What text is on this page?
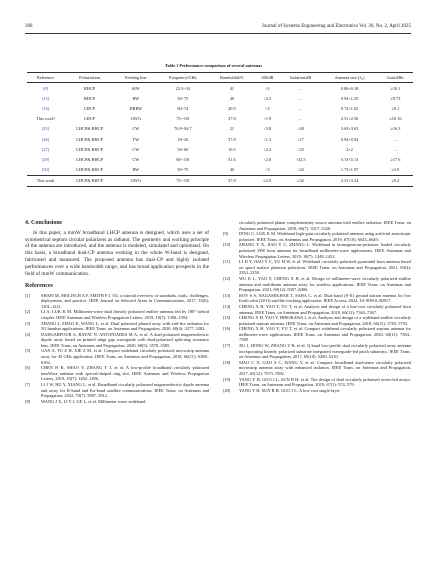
368	Journal of Systems Engineering and Electronics Vol. 36, No. 2, April 2025
Table 1 Performance comparison of several antennas
Reference	Polarization	Feeding line	Frequency/GHz	Bandwidth/%	AR/dB	Isolation/dB	Antenna size (λ₀)	Gain/dBic
[8]	RHCP	SIW	22.5~34	41	<3	–	0.86×0.18	≥10.1
[15]	RHCP	RW	50~75	40	<2.5	–	0.94×1.25	≥9.73
[16]	LHCP	DRRW	60~74	20.9	<3	–	0.74×1.02	≥9.1
This work¹	LHCP	GWG	75~110	37.8	<1.9	–	2.31×2.56	≥10.16
[25]	LHCP& RHCP	CW	76.8~94.7	21	<3.8	>20	3.63×3.63	≥16.3
[26]	LHCP& RHCP	TW	18~26	37.8	<1.3	>17	0.94×0.94	–
[27]	LHCP& RHCP	CW	54~60	10.5	<2.2	>25	2×2	–
[29]	LHCP& RHCP	CW	80~110	31.6	<2.8	>32.5	5.13×5.13	≥17.6
[30]	LHCP& RHCP	RW	50~75	40	<3	>22	1.75×1.97	≥3.9
This work	LHCP& RHCP	GWG	75~110	37.8	≤2.9	≥32	2.31×3.34	≥9.2
4. Conclusions

In this paper, a mmW broadband LHCP antenna is designed, which uses a set of symmetrical septum circular polarizers as radiator. The geometry and working principle of the antenna are introduced, and the antenna is modeled, simulated and optimized. On this basis, a broadband dual-CP antenna working in the whole W-band is designed, fabricated and measured. The proposed antenna has dual-CP and highly isolated performances over a wide bandwidth range, and has broad application prospects in the field of mmW communication.

References
[1]	SHAFI M, MOLISCH A F, SMITH P J. 5G: a tutorial overview of standards, trials, challenges, deployment, and practice. IEEE Journal on Selected Areas in Communications, 2017, 35(6): 1201–1221.
[2]	LI A, LUK K M. Millimeter-wave dual linearly polarized endfire antenna fed by 180° hybrid coupler. IEEE Antennas and Wireless Propagation Letters, 2019, 18(7): 1390–1394.
[3]	ZHANG J, ZHAO K, WANG L, et al. Dual polarized phased array with end-fire radiation for 5G handset applications. IEEE Trans. on Antennas and Propagation, 2020, 68(4): 3277–3282.
[4]	DADGARPOUR A, BAYAT N, ANTONIADES M A, et al. A dual-polarized magnetoelectric dipole array based on printed ridge gap waveguide with dual-polarized split-ring resonator lens. IEEE Trans. on Antennas and Propagation, 2020, 68(5): 3578–3585.
[5]	GAN Z, TU Z H, XIE Z M, et al. Compact wideband circularly polarized microstrip antenna array for 45 GHz application. IEEE Trans. on Antennas and Propagation, 2018, 66(11): 6388–6392.
[6]	CHEN H K, SHAO Y, ZHANG Y J, et al. A low-profile broadband circularly polarized mmWave antenna with special-shaped ring slot. IEEE Antennas and Wireless Propagation Letters, 2019, 18(7): 1492–1496.
[7]	LI J W, HU Y, XIANG L, et al. Broadband circularly polarized magnetoelectric dipole antenna and array for K-band and Ka-band satellite communications. IEEE Trans. on Antennas and Propagation, 2022, 70(7): 5907–5912.
[8]	WANG J X, LI Y J, GE L, et al. Millimeter wave wideband
circularly polarized planar complementary source antenna with endfire radiation. IEEE Trans. on Antennas and Propagation, 2018, 66(7): 3317–3326.
[9]	DING C, LUK K M. Wideband high-gain circularly polarized antenna using artificial anisotropic polarizer. IEEE Trans. on Antennas and Propagation, 2019, 67(10): 6645–6649.
[10]	ZHANG Y X, JIAO Y C, ZHANG L. Wideband in homogeneous-polarizer loaded circularly polarized SIW horn antenna for broadband millimeter-wave applications. IEEE Antennas and Wireless Propagation Letters, 2019, 18(7): 1448–1452.
[11]	LI D Y, JIAO Y C, YU H W, et al. Wideband circularly polarized pyramidal horn antenna based on spoof surface plasmon polaritons. IEEE Trans. on Antennas and Propagation, 2021, 69(4): 2353–2358.
[12]	WU K L, YAO Y, CHENG X H, et al. Design of millimeter-wave circularly polarized endfire antenna and multibeam antenna array for wireless applications. IEEE Trans. on Antennas and Propagation, 2021, 69(12): 8397–8406.
[13]	ROY S S, NAGASEKHAR T, SAHA C, et al. Dual band (S-X) ground station antenna for low Earth orbit (LEO) satellite tracking application. IEEE Access, 2022, 10: 80910–80917.
[14]	CHENG X H, YAO Y, YU T, et al. Analysis and design of a low-cost circularly polarized horn antenna. IEEE Trans. on Antennas and Propagation, 2018, 66(12): 7363–7367.
[15]	CHENG X H, YAO Y, HIROKAWA J, et al. Analysis and design of a wideband endfire circularly polarized septum antenna. IEEE Trans. on Antennas and Propagation, 2018, 66(11): 5783–5793.
[16]	CHENG X H, YAO Y, YU T, et al. Compact wideband circularly polarized septum antenna for millimeter-wave applications. IEEE Trans. on Antennas and Propagation, 2020, 68(11): 7584–7588.
[17]	XU J, HONG W, ZHANG Z H, et al. Q-band low-profile dual circularly polarized array antenna incorporating linearly polarized substrate integrated waveguide-fed patch subarrays. IEEE Trans. on Antennas and Propagation, 2017, 65(10): 5200–5210.
[18]	MAO C X, GAO S C, WANG Y, et al. Compact broadband dual-sense circularly polarized microstrip antenna array with enhanced isolation. IEEE Trans. on Antennas and Propagation, 2017, 65(12): 7073–7082.
[19]	YANG Y H, GUO J L, SUN B H, et al. The design of dual circularly polarized series-fed arrays. IEEE Trans. on Antennas and Propagation, 2019, 67(1): 574–579.
[20]	YANG Y H, SUN B H, GUO J L. A low-cost single-layer
